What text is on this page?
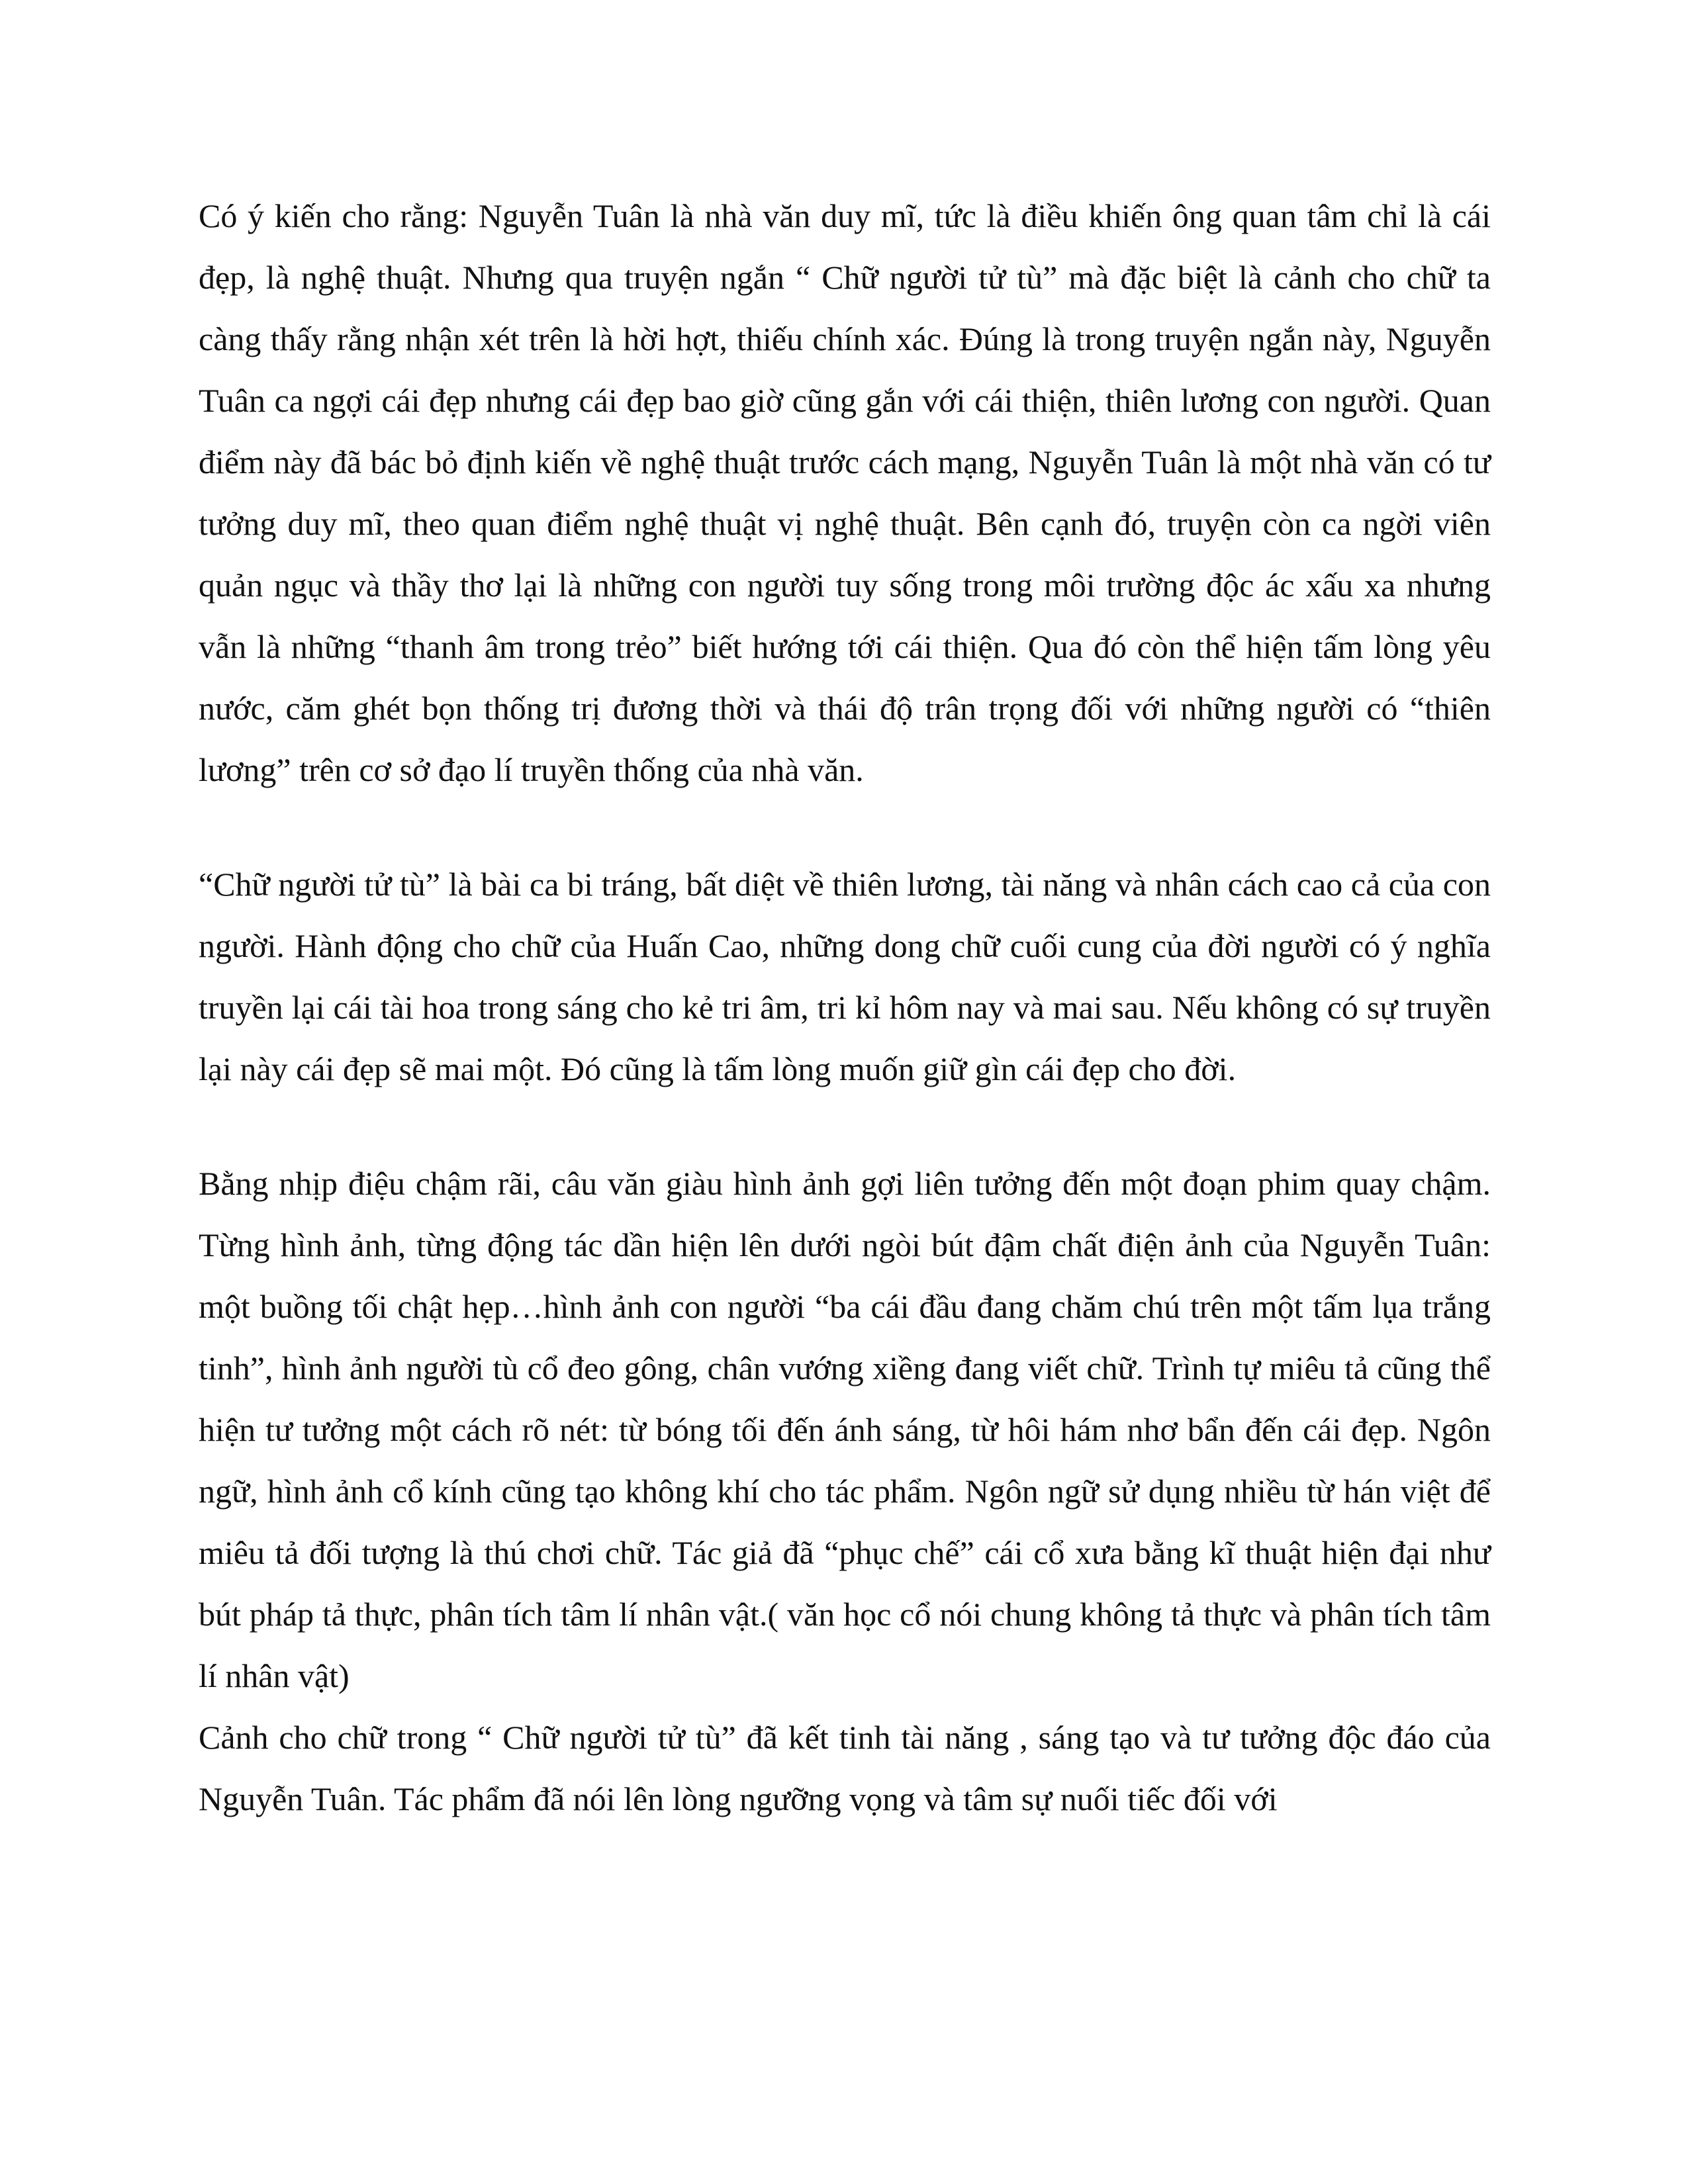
Có ý kiến cho rằng: Nguyễn Tuân là nhà văn duy mĩ, tức là điều khiến ông quan tâm chỉ là cái đẹp, là nghệ thuật. Nhưng qua truyện ngắn “ Chữ người tử tù” mà đặc biệt là cảnh cho chữ ta càng thấy rằng nhận xét trên là hời hợt, thiếu chính xác. Đúng là trong truyện ngắn này, Nguyễn Tuân ca ngợi cái đẹp nhưng cái đẹp bao giờ cũng gắn với cái thiện, thiên lương con người. Quan điểm này đã bác bỏ định kiến về nghệ thuật trước cách mạng, Nguyễn Tuân là một nhà văn có tư tưởng duy mĩ, theo quan điểm nghệ thuật vị nghệ thuật. Bên cạnh đó, truyện còn ca ngời viên quản ngục và thầy thơ lại là những con người tuy sống trong môi trường độc ác xấu xa nhưng vẫn là những “thanh âm trong trẻo” biết hướng tới cái thiện. Qua đó còn thể hiện tấm lòng yêu nước, căm ghét bọn thống trị đương thời và thái độ trân trọng đối với những người có “thiên lương” trên cơ sở đạo lí truyền thống của nhà văn.

“Chữ người tử tù” là bài ca bi tráng, bất diệt về thiên lương, tài năng và nhân cách cao cả của con người. Hành động cho chữ của Huấn Cao, những dong chữ cuối cung của đời người có ý nghĩa truyền lại cái tài hoa trong sáng cho kẻ tri âm, tri kỉ hôm nay và mai sau. Nếu không có sự truyền lại này cái đẹp sẽ mai một. Đó cũng là tấm lòng muốn giữ gìn cái đẹp cho đời.

Bằng nhịp điệu chậm rãi, câu văn giàu hình ảnh gợi liên tưởng đến một đoạn phim quay chậm. Từng hình ảnh, từng động tác dần hiện lên dưới ngòi bút đậm chất điện ảnh của Nguyễn Tuân: một buồng tối chật hẹp…hình ảnh con người “ba cái đầu đang chăm chú trên một tấm lụa trắng tinh”, hình ảnh người tù cổ đeo gông, chân vướng xiềng đang viết chữ. Trình tự miêu tả cũng thể hiện tư tưởng một cách rõ nét: từ bóng tối đến ánh sáng, từ hôi hám nhơ bẩn đến cái đẹp. Ngôn ngữ, hình ảnh cổ kính cũng tạo không khí cho tác phẩm. Ngôn ngữ sử dụng nhiều từ hán việt để miêu tả đối tượng là thú chơi chữ. Tác giả đã “phục chế” cái cổ xưa bằng kĩ thuật hiện đại như bút pháp tả thực, phân tích tâm lí nhân vật.( văn học cổ nói chung không tả thực và phân tích tâm lí nhân vật)

Cảnh cho chữ trong “ Chữ người tử tù” đã kết tinh tài năng , sáng tạo và tư tưởng độc đáo của Nguyễn Tuân. Tác phẩm đã nói lên lòng ngưỡng vọng và tâm sự nuối tiếc đối với
